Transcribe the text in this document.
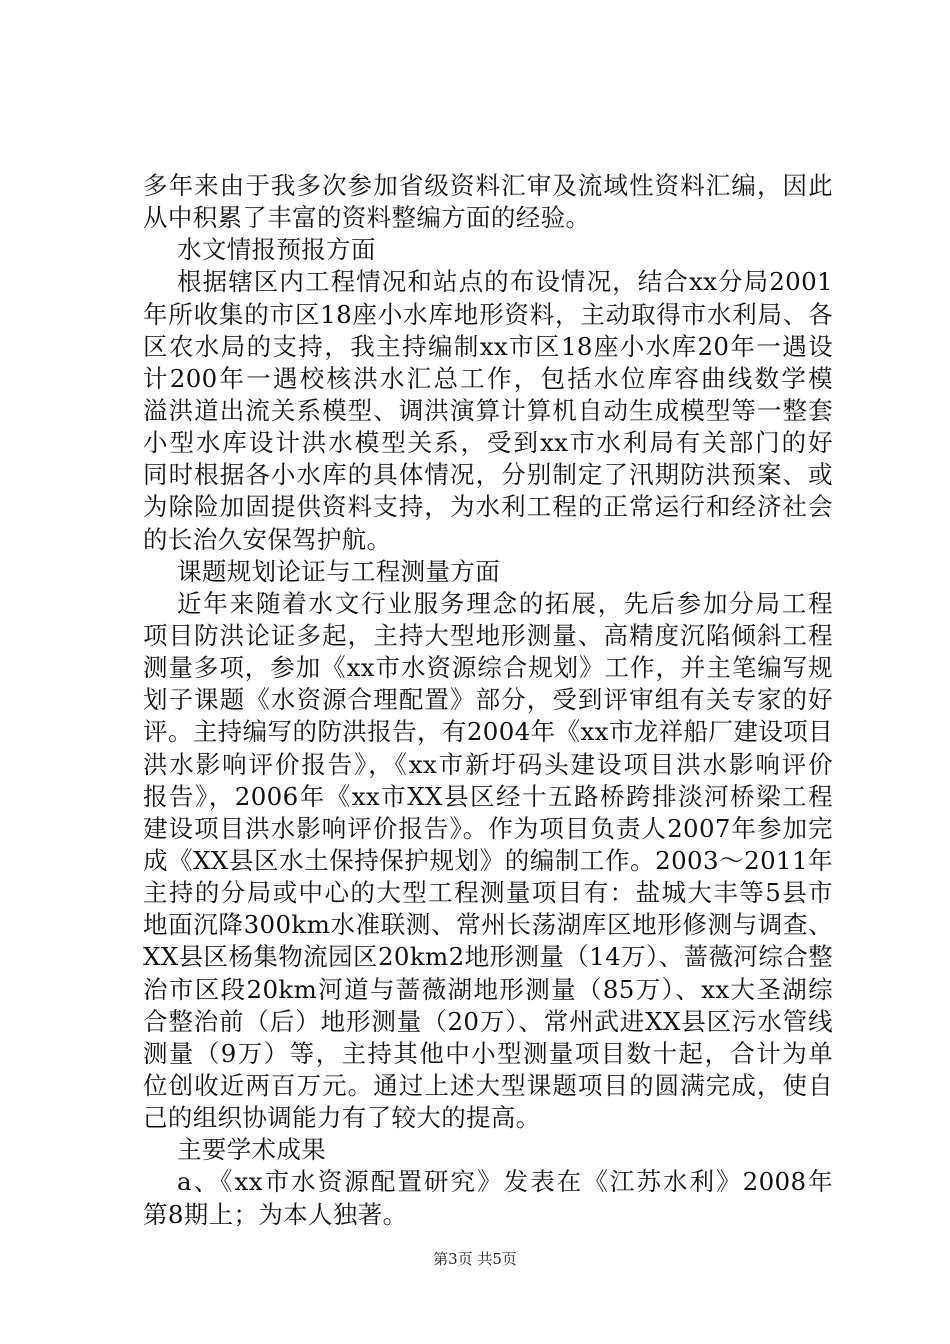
多年来由于我多次参加省级资料汇审及流域性资料汇编，因此
从中积累了丰富的资料整编方面的经验。
水文情报预报方面
根据辖区内工程情况和站点的布设情况，结合xx分局2001
年所收集的市区18座小水库地形资料，主动取得市水利局、各
区农水局的支持，我主持编制xx市区18座小水库20年一遇设
计200年一遇校核洪水汇总工作，包括水位库容曲线数学模
溢洪道出流关系模型、调洪演算计算机自动生成模型等一整套
小型水库设计洪水模型关系，受到xx市水利局有关部门的好
同时根据各小水库的具体情况，分别制定了汛期防洪预案、或
为除险加固提供资料支持，为水利工程的正常运行和经济社会
的长治久安保驾护航。
课题规划论证与工程测量方面
近年来随着水文行业服务理念的拓展，先后参加分局工程
项目防洪论证多起，主持大型地形测量、高精度沉陷倾斜工程
测量多项，参加《xx市水资源综合规划》工作，并主笔编写规
划子课题《水资源合理配置》部分，受到评审组有关专家的好
评。主持编写的防洪报告，有2004年《xx市龙祥船厂建设项目
洪水影响评价报告》，《xx市新圩码头建设项目洪水影响评价
报告》，2006年《xx市XX县区经十五路桥跨排淡河桥梁工程
建设项目洪水影响评价报告》。作为项目负责人2007年参加完
成《XX县区水土保持保护规划》的编制工作。2003～2011年
主持的分局或中心的大型工程测量项目有：盐城大丰等5县市
地面沉降300km水准联测、常州长荡湖库区地形修测与调查、
XX县区杨集物流园区20km2地形测量（14万）、蔷薇河综合整
治市区段20km河道与蔷薇湖地形测量（85万）、xx大圣湖综
合整治前（后）地形测量（20万）、常州武进XX县区污水管线
测量（9万）等，主持其他中小型测量项目数十起，合计为单
位创收近两百万元。通过上述大型课题项目的圆满完成，使自
己的组织协调能力有了较大的提高。
主要学术成果
a、《xx市水资源配置研究》发表在《江苏水利》2008年
第8期上；为本人独著。
第3页 共5页
